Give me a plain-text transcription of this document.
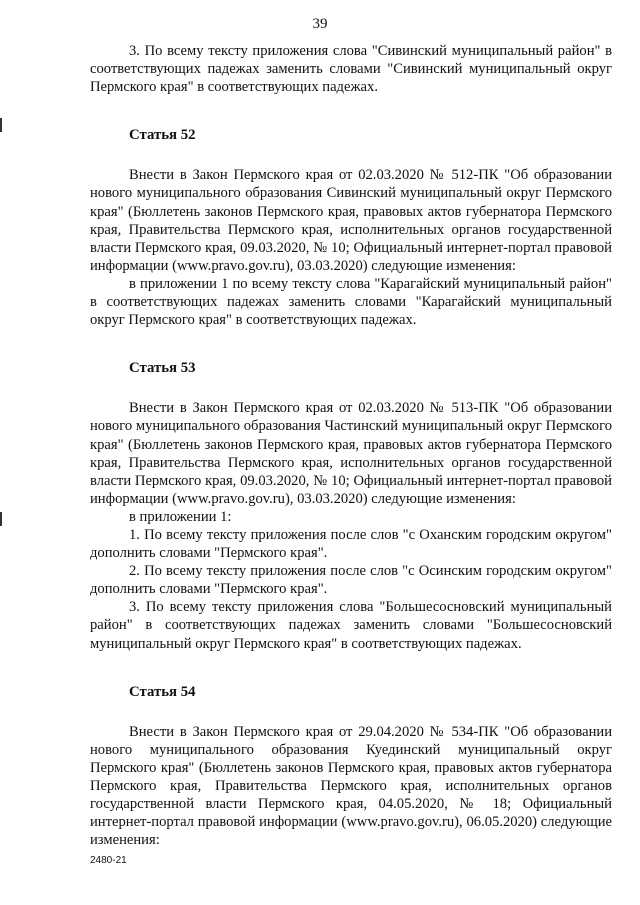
39

3. По всему тексту приложения слова "Сивинский муниципальный район" в соответствующих падежах заменить словами "Сивинский муниципальный округ Пермского края" в соответствующих падежах.

Статья 52

Внести в Закон Пермского края от 02.03.2020 № 512-ПК "Об образовании нового муниципального образования Сивинский муниципальный округ Пермского края" (Бюллетень законов Пермского края, правовых актов губернатора Пермского края, Правительства Пермского края, исполнительных органов государственной власти Пермского края, 09.03.2020, № 10; Официальный интернет-портал правовой информации (www.pravo.gov.ru), 03.03.2020) следующие изменения:

в приложении 1 по всему тексту слова "Карагайский муниципальный район" в соответствующих падежах заменить словами "Карагайский муниципальный округ Пермского края" в соответствующих падежах.

Статья 53

Внести в Закон Пермского края от 02.03.2020 № 513-ПК "Об образовании нового муниципального образования Частинский муниципальный округ Пермского края" (Бюллетень законов Пермского края, правовых актов губернатора Пермского края, Правительства Пермского края, исполнительных органов государственной власти Пермского края, 09.03.2020, № 10; Официальный интернет-портал правовой информации (www.pravo.gov.ru), 03.03.2020) следующие изменения:

в приложении 1:

1. По всему тексту приложения после слов "с Оханским городским округом" дополнить словами "Пермского края".

2. По всему тексту приложения после слов "с Осинским городским округом" дополнить словами "Пермского края".

3. По всему тексту приложения слова "Большесосновский муниципальный район" в соответствующих падежах заменить словами "Большесосновский муниципальный округ Пермского края" в соответствующих падежах.

Статья 54

Внести в Закон Пермского края от 29.04.2020 № 534-ПК "Об образовании нового муниципального образования Куединский муниципальный округ Пермского края" (Бюллетень законов Пермского края, правовых актов губернатора Пермского края, Правительства Пермского края, исполнительных органов государственной власти Пермского края, 04.05.2020, № 18; Официальный интернет-портал правовой информации (www.pravo.gov.ru), 06.05.2020) следующие изменения:

2480-21
